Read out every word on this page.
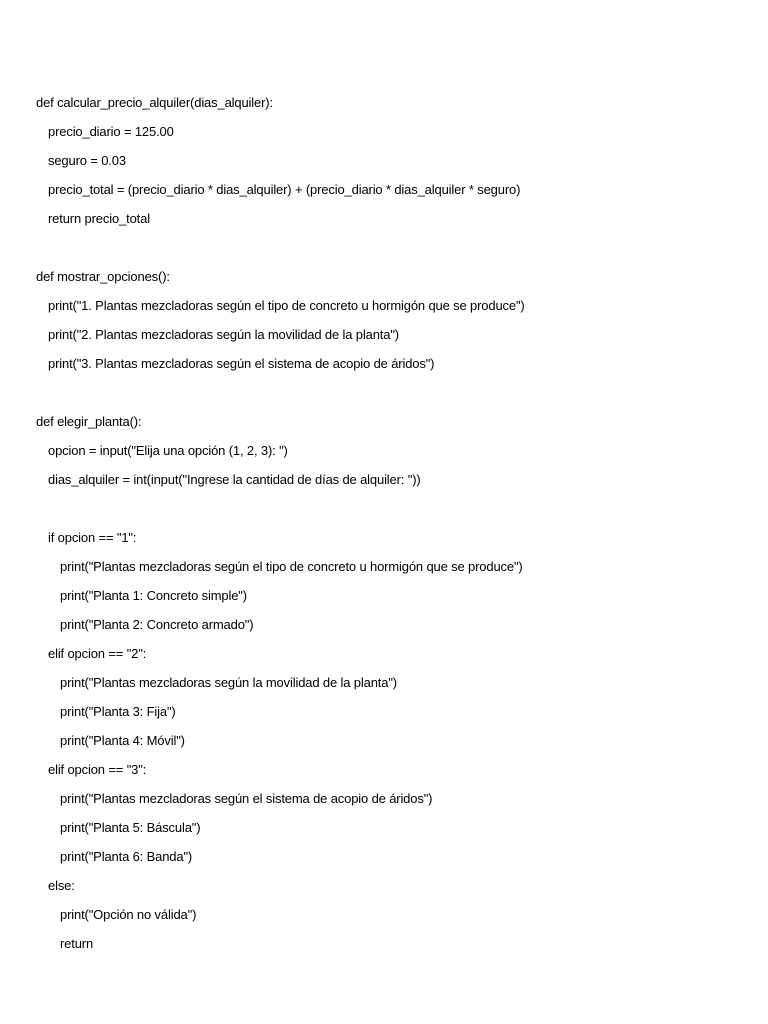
def calcular_precio_alquiler(dias_alquiler):
precio_diario = 125.00
seguro = 0.03
precio_total = (precio_diario * dias_alquiler) + (precio_diario * dias_alquiler * seguro)
return precio_total
def mostrar_opciones():
print("1. Plantas mezcladoras según el tipo de concreto u hormigón que se produce")
print("2. Plantas mezcladoras según la movilidad de la planta")
print("3. Plantas mezcladoras según el sistema de acopio de áridos")
def elegir_planta():
opcion = input("Elija una opción (1, 2, 3): ")
dias_alquiler = int(input("Ingrese la cantidad de días de alquiler: "))
if opcion == "1":
print("Plantas mezcladoras según el tipo de concreto u hormigón que se produce")
print("Planta 1: Concreto simple")
print("Planta 2: Concreto armado")
elif opcion == "2":
print("Plantas mezcladoras según la movilidad de la planta")
print("Planta 3: Fija")
print("Planta 4: Móvil")
elif opcion == "3":
print("Plantas mezcladoras según el sistema de acopio de áridos")
print("Planta 5: Báscula")
print("Planta 6: Banda")
else:
print("Opción no válida")
return
